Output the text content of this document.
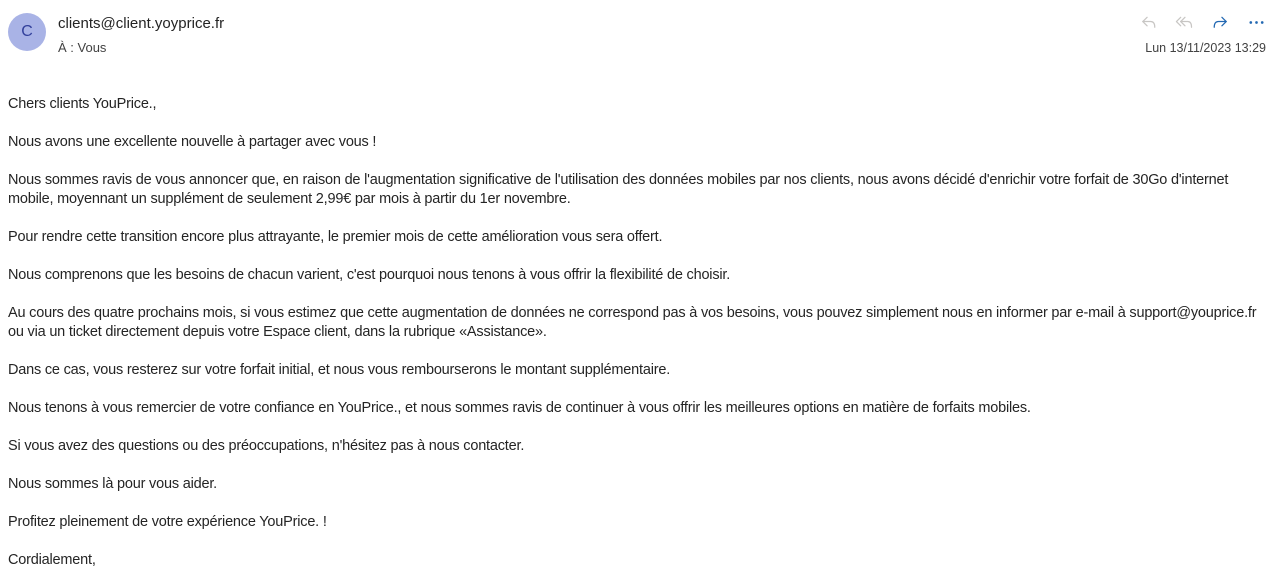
C clients@client.yoyprice.fr
À : Vous	Lun 13/11/2023 13:29

Chers clients YouPrice.,

Nous avons une excellente nouvelle à partager avec vous !

Nous sommes ravis de vous annoncer que, en raison de l'augmentation significative de l'utilisation des données mobiles par nos clients, nous avons décidé d'enrichir votre forfait de 30Go d'internet mobile, moyennant un supplément de seulement 2,99€ par mois à partir du 1er novembre.

Pour rendre cette transition encore plus attrayante, le premier mois de cette amélioration vous sera offert.

Nous comprenons que les besoins de chacun varient, c'est pourquoi nous tenons à vous offrir la flexibilité de choisir.

Au cours des quatre prochains mois, si vous estimez que cette augmentation de données ne correspond pas à vos besoins, vous pouvez simplement nous en informer par e-mail à support@youprice.fr ou via un ticket directement depuis votre Espace client, dans la rubrique «Assistance».

Dans ce cas, vous resterez sur votre forfait initial, et nous vous rembourserons le montant supplémentaire.

Nous tenons à vous remercier de votre confiance en YouPrice., et nous sommes ravis de continuer à vous offrir les meilleures options en matière de forfaits mobiles.

Si vous avez des questions ou des préoccupations, n'hésitez pas à nous contacter.

Nous sommes là pour vous aider.

Profitez pleinement de votre expérience YouPrice. !

Cordialement,
